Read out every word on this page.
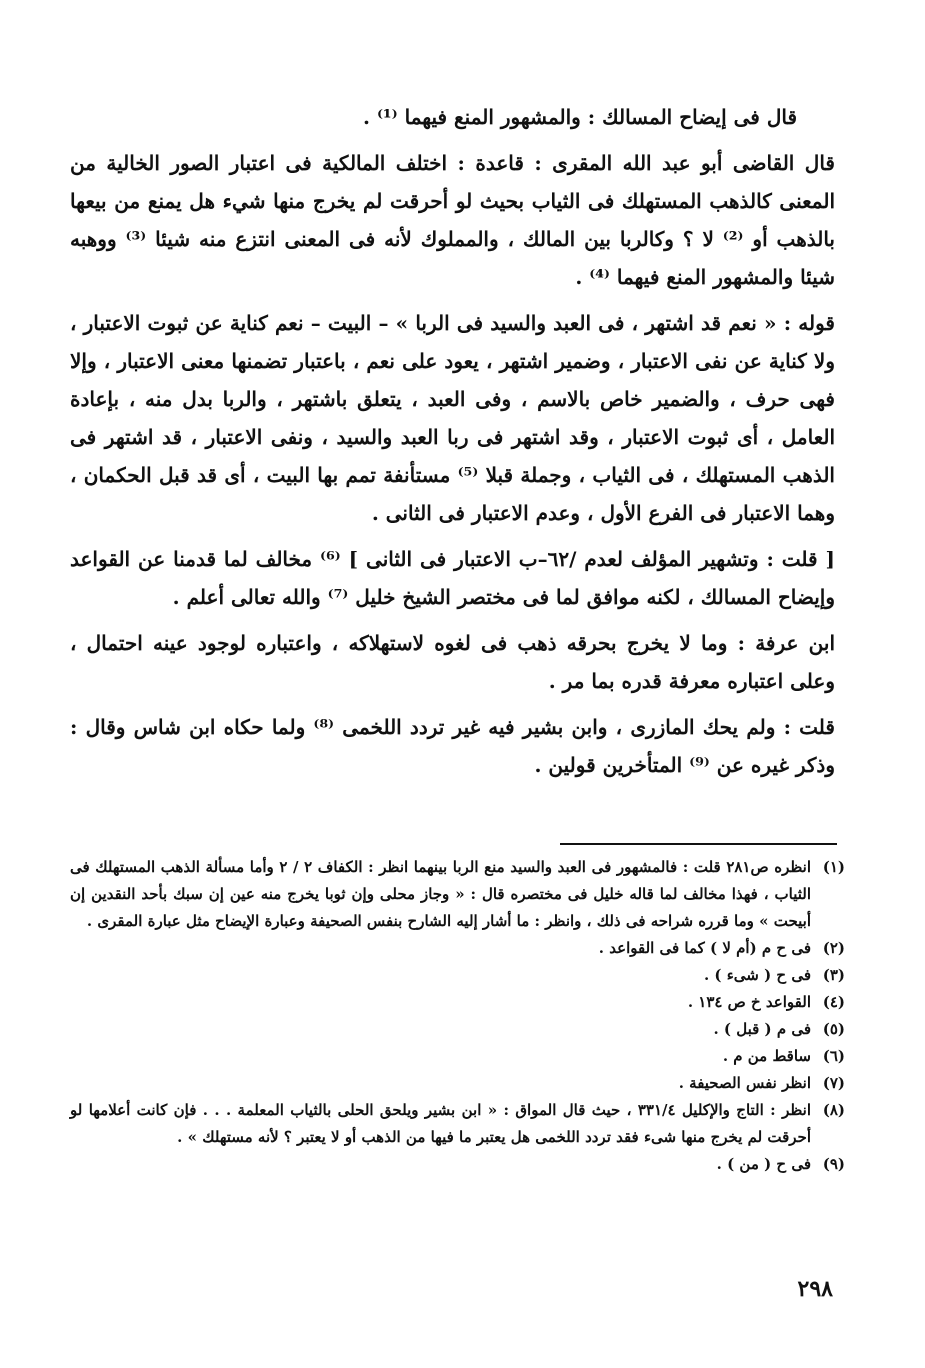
قال فى إيضاح المسالك : والمشهور المنع فيهما ⁽¹⁾ .

قال القاضى أبو عبد الله المقرى : قاعدة : اختلف المالكية فى اعتبار الصور الخالية من المعنى كالذهب المستهلك فى الثياب بحيث لو أحرقت لم يخرج منها شيء هل يمنع من بيعها بالذهب أو ⁽²⁾ لا ؟ وكالربا بين المالك ، والمملوك لأنه فى المعنى انتزع منه شيئا ⁽³⁾ ووهبه شيئا والمشهور المنع فيهما ⁽⁴⁾ .

قوله : « نعم قد اشتهر ، فى العبد والسيد فى الربا » – البيت – نعم كناية عن ثبوت الاعتبار ، ولا كناية عن نفى الاعتبار ، وضمير اشتهر ، يعود على نعم ، باعتبار تضمنها معنى الاعتبار ، وإلا فهى حرف ، والضمير خاص بالاسم ، وفى العبد ، يتعلق باشتهر ، والربا بدل منه ، بإعادة العامل ، أى ثبوت الاعتبار ، وقد اشتهر فى ربا العبد والسيد ، ونفى الاعتبار ، قد اشتهر فى الذهب المستهلك ، فى الثياب ، وجملة قبلا ⁽⁵⁾ مستأنفة تمم بها البيت ، أى قد قبل الحكمان ، وهما الاعتبار فى الفرع الأول ، وعدم الاعتبار فى الثانى .

[ قلت : وتشهير المؤلف لعدم /٦٢–ب الاعتبار فى الثانى ] ⁽⁶⁾ مخالف لما قدمنا عن القواعد وإيضاح المسالك ، لكنه موافق لما فى مختصر الشيخ خليل ⁽⁷⁾ والله تعالى أعلم .

ابن عرفة : وما لا يخرج بحرقه ذهب فى لغوه لاستهلاكه ، واعتباره لوجود عينه احتمال ، وعلى اعتباره معرفة قدره بما مر .

قلت : ولم يحك المازرى ، وابن بشير فيه غير تردد اللخمى ⁽⁸⁾ ولما حكاه ابن شاس وقال : وذكر غيره عن ⁽⁹⁾ المتأخرين قولين .

(١)انظره ص٢٨١ قلت : فالمشهور فى العبد والسيد منع الربا بينهما انظر : الكفاف ٢ / ٢ وأما مسألة الذهب المستهلك فى الثياب ، فهذا مخالف لما قاله خليل فى مختصره قال : « وجاز محلى وإن ثوبا يخرج منه عين إن سبك بأحد النقدين إن أبيحت » وما قرره شراحه فى ذلك ، وانظر : ما أشار إليه الشارح بنفس الصحيفة وعبارة الإيضاح مثل عبارة المقرى .

(٢)فى ح م (أم لا ) كما فى القواعد .

(٣)فى ح ( شىء ) .

(٤)القواعد خ ص ١٣٤ .

(٥)فى م ( قبل ) .

(٦)ساقط من م .

(٧)انظر نفس الصحيفة .

(٨)انظر : التاج والإكليل ٣٣١/٤ ، حيث قال المواق : « ابن بشير ويلحق الحلى بالثياب المعلمة . . . فإن كانت أعلامها لو أحرقت لم يخرج منها شىء فقد تردد اللخمى هل يعتبر ما فيها من الذهب أو لا يعتبر ؟ لأنه مستهلك » .

(٩)فى ح ( من ) .

٢٩٨
